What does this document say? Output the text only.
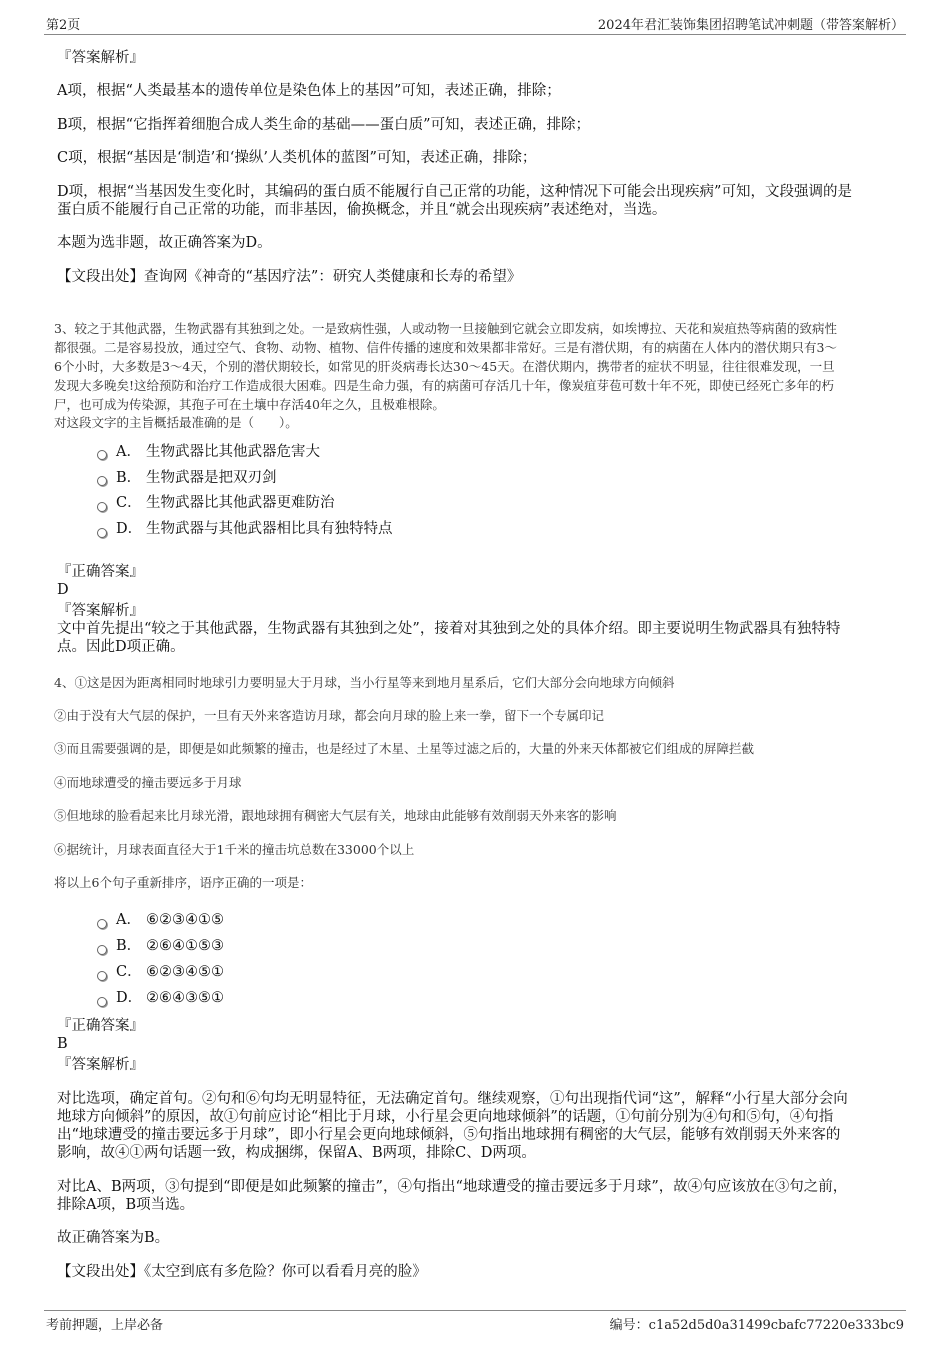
第2页	2024年君汇装饰集团招聘笔试冲刺题（带答案解析）
『答案解析』
A项，根据“人类最基本的遗传单位是染色体上的基因”可知，表述正确，排除；
B项，根据“它指挥着细胞合成人类生命的基础——蛋白质”可知，表述正确，排除；
C项，根据“基因是‘制造’和‘操纵’人类机体的蓝图”可知，表述正确，排除；
D项，根据“当基因发生变化时，其编码的蛋白质不能履行自己正常的功能，这种情况下可能会出现疾病”可知，文段强调的是
蛋白质不能履行自己正常的功能，而非基因，偷换概念，并且“就会出现疾病”表述绝对，当选。
本题为选非题，故正确答案为D。
【文段出处】查询网《神奇的“基因疗法”：研究人类健康和长寿的希望》
3、较之于其他武器，生物武器有其独到之处。一是致病性强，人或动物一旦接触到它就会立即发病，如埃博拉、天花和炭疽热等病菌的致病性
都很强。二是容易投放，通过空气、食物、动物、植物、信件传播的速度和效果都非常好。三是有潜伏期，有的病菌在人体内的潜伏期只有3～
6个小时，大多数是3～4天，个别的潜伏期较长，如常见的肝炎病毒长达30～45天。在潜伏期内，携带者的症状不明显，往往很难发现，一旦
发现大多晚矣!这给预防和治疗工作造成很大困难。四是生命力强，有的病菌可存活几十年，像炭疽芽苞可数十年不死，即使已经死亡多年的朽
尸，也可成为传染源，其孢子可在土壤中存活40年之久，且极难根除。
对这段文字的主旨概括最准确的是（　　）。
A． 生物武器比其他武器危害大
B． 生物武器是把双刃剑
C． 生物武器比其他武器更难防治
D． 生物武器与其他武器相比具有独特特点
『正确答案』
D
『答案解析』
文中首先提出“较之于其他武器，生物武器有其独到之处”，接着对其独到之处的具体介绍。即主要说明生物武器具有独特特
点。因此D项正确。
4、①这是因为距离相同时地球引力要明显大于月球，当小行星等来到地月星系后，它们大部分会向地球方向倾斜
②由于没有大气层的保护，一旦有天外来客造访月球，都会向月球的脸上来一拳，留下一个专属印记
③而且需要强调的是，即便是如此频繁的撞击，也是经过了木星、土星等过滤之后的，大量的外来天体都被它们组成的屏障拦截
④而地球遭受的撞击要远多于月球
⑤但地球的脸看起来比月球光滑，跟地球拥有稠密大气层有关，地球由此能够有效削弱天外来客的影响
⑥据统计，月球表面直径大于1千米的撞击坑总数在33000个以上
将以上6个句子重新排序，语序正确的一项是：
A． ⑥②③④①⑤
B． ②⑥④①⑤③
C． ⑥②③④⑤①
D． ②⑥④③⑤①
『正确答案』
B
『答案解析』
对比选项，确定首句。②句和⑥句均无明显特征，无法确定首句。继续观察，①句出现指代词“这”，解释“小行星大部分会向
地球方向倾斜”的原因，故①句前应讨论“相比于月球，小行星会更向地球倾斜”的话题，①句前分别为④句和⑤句，④句指
出“地球遭受的撞击要远多于月球”，即小行星会更向地球倾斜，⑤句指出地球拥有稠密的大气层，能够有效削弱天外来客的
影响，故④①两句话题一致，构成捆绑，保留A、B两项，排除C、D两项。
对比A、B两项，③句提到“即便是如此频繁的撞击”，④句指出“地球遭受的撞击要远多于月球”，故④句应该放在③句之前，
排除A项，B项当选。
故正确答案为B。
【文段出处】《太空到底有多危险？你可以看看月亮的脸》
考前押题，上岸必备	编号：c1a52d5d0a31499cbafc77220e333bc9
